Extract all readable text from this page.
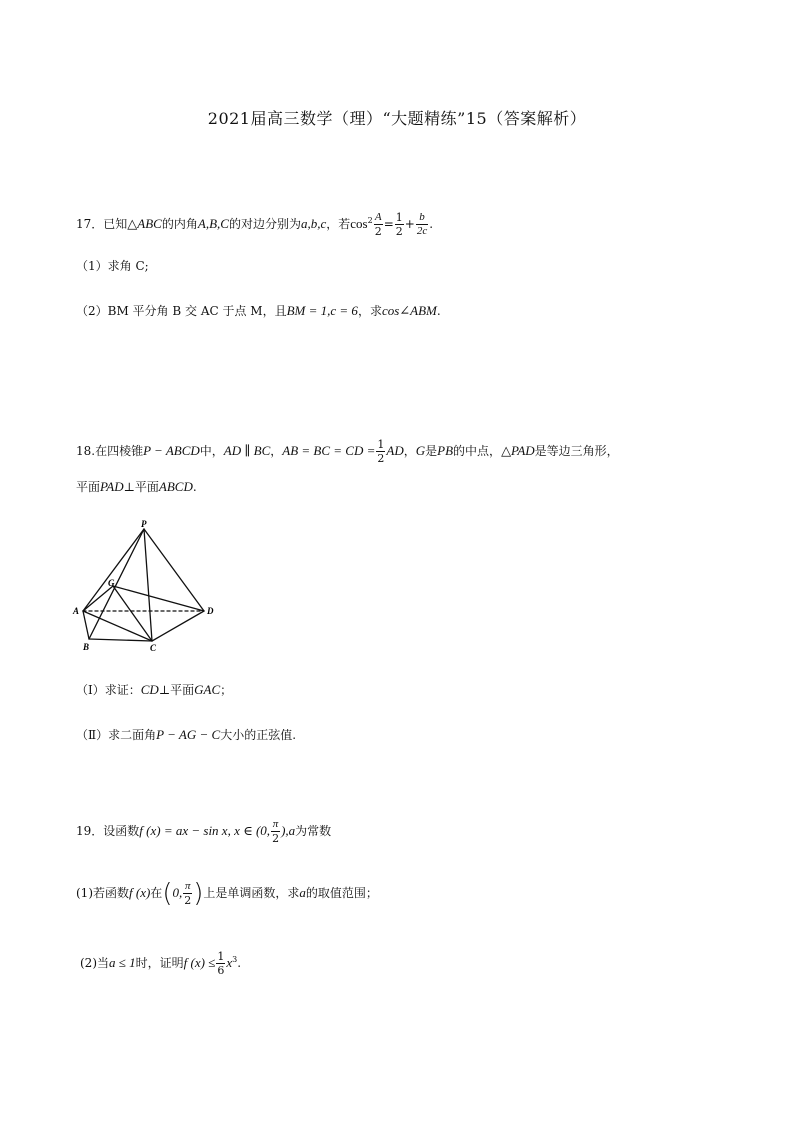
2021届高三数学（理）“大题精练”15（答案解析）
17．已知△ABC的内角A,B,C的对边分别为a,b,c，若$\cos^2 \frac{A}{2} = \frac{1}{2} + \frac{b}{2c}$ .
（1）求角 C;
（2）BM 平分角 B 交 AC 于点 M，且BM = 1,c = 6，求cos∠ABM.
18.在四棱锥P − ABCD中，AD ∥ BC，AB = BC = CD = $\frac{1}{2}$ AD，G是PB的中点，△PAD是等边三角形，
平面PAD⊥平面ABCD.
P
G
A	D
B	C
（Ⅰ）求证：CD⊥平面GAC；
（Ⅱ）求二面角P − AG − C大小的正弦值.
19．设函数f (x) = ax − sin x, x ∈ (0, $\frac{\pi}{2} ),a$为常数
(1)若函数f (x)在(0, $\frac{\pi}{2}$ )上是单调函数，求a的取值范围；
(2)当a ≤ 1时，证明f $(x) \le \frac{1}{6} x^3$.
